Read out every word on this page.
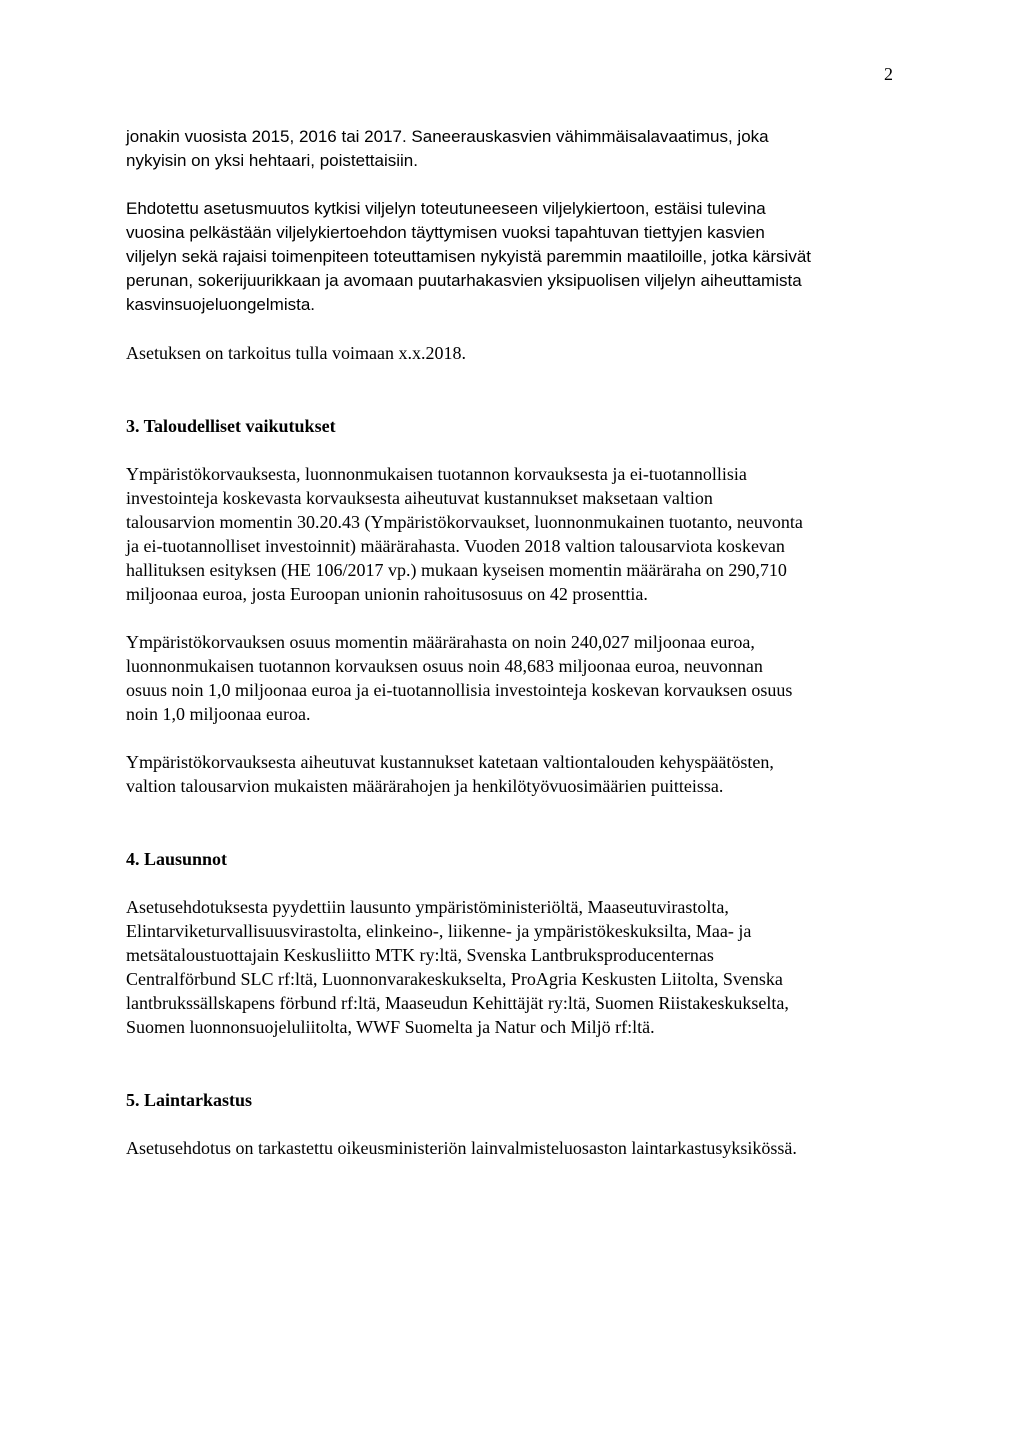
2

jonakin vuosista 2015, 2016 tai 2017. Saneerauskasvien vähimmäisalavaatimus, joka
nykyisin on yksi hehtaari, poistettaisiin.

Ehdotettu asetusmuutos kytkisi viljelyn toteutuneeseen viljelykiertoon, estäisi tulevina
vuosina pelkästään viljelykiertoehdon täyttymisen vuoksi tapahtuvan tiettyjen kasvien
viljelyn sekä rajaisi toimenpiteen toteuttamisen nykyistä paremmin maatiloille, jotka kärsivät
perunan, sokerijuurikkaan ja avomaan puutarhakasvien yksipuolisen viljelyn aiheuttamista
kasvinsuojeluongelmista.

Asetuksen on tarkoitus tulla voimaan x.x.2018.

3. Taloudelliset vaikutukset

Ympäristökorvauksesta, luonnonmukaisen tuotannon korvauksesta ja ei-tuotannollisia
investointeja koskevasta korvauksesta aiheutuvat kustannukset maksetaan valtion
talousarvion momentin 30.20.43 (Ympäristökorvaukset, luonnonmukainen tuotanto, neuvonta
ja ei-tuotannolliset investoinnit) määrärahasta. Vuoden 2018 valtion talousarviota koskevan
hallituksen esityksen (HE 106/2017 vp.) mukaan kyseisen momentin määräraha on 290,710
miljoonaa euroa, josta Euroopan unionin rahoitusosuus on 42 prosenttia.

Ympäristökorvauksen osuus momentin määrärahasta on noin 240,027 miljoonaa euroa,
luonnonmukaisen tuotannon korvauksen osuus noin 48,683 miljoonaa euroa, neuvonnan
osuus noin 1,0 miljoonaa euroa ja ei-tuotannollisia investointeja koskevan korvauksen osuus
noin 1,0 miljoonaa euroa.

Ympäristökorvauksesta aiheutuvat kustannukset katetaan valtiontalouden kehyspäätösten,
valtion talousarvion mukaisten määrärahojen ja henkilötyövuosimäärien puitteissa.

4. Lausunnot

Asetusehdotuksesta pyydettiin lausunto ympäristöministeriöltä, Maaseutuvirastolta,
Elintarviketurvallisuusvirastolta, elinkeino-, liikenne- ja ympäristökeskuksilta, Maa- ja
metsätaloustuottajain Keskusliitto MTK ry:ltä, Svenska Lantbruksproducenternas
Centralförbund SLC rf:ltä, Luonnonvarakeskukselta, ProAgria Keskusten Liitolta, Svenska
lantbrukssällskapens förbund rf:ltä, Maaseudun Kehittäjät ry:ltä, Suomen Riistakeskukselta,
Suomen luonnonsuojeluliitolta, WWF Suomelta ja Natur och Miljö rf:ltä.

5. Laintarkastus

Asetusehdotus on tarkastettu oikeusministeriön lainvalmisteluosaston laintarkastusyksikössä.
